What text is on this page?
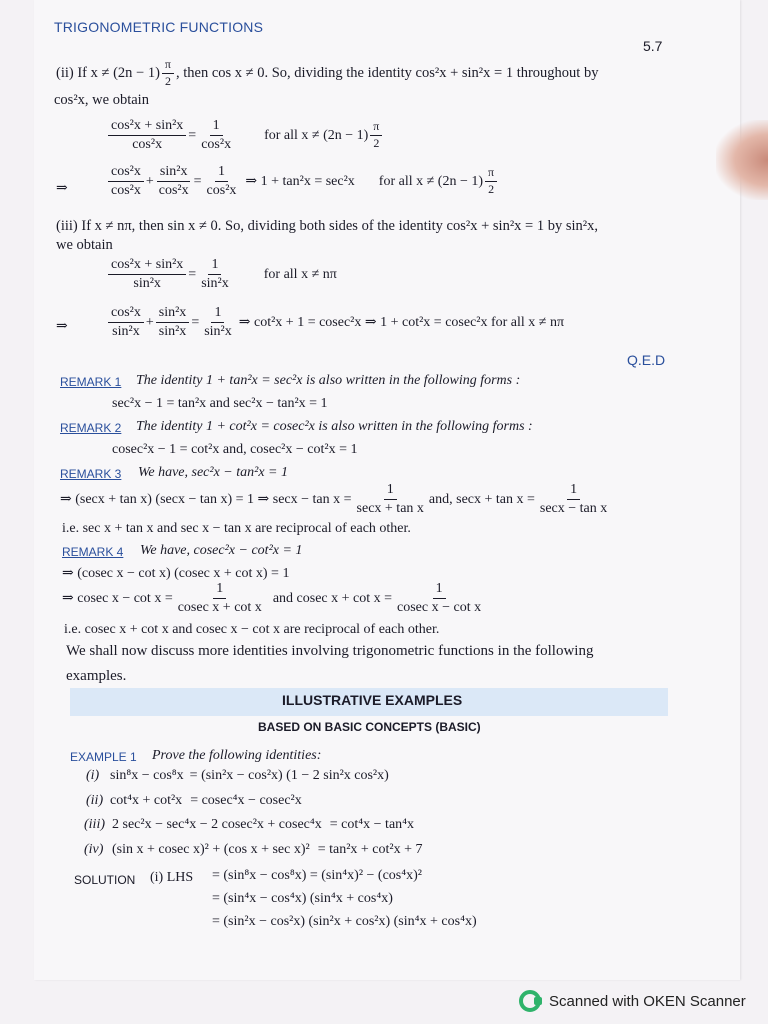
TRIGONOMETRIC FUNCTIONS
5.7
(ii) If $x \ne (2n - 1) \frac{\pi}{2}$ , then cos x ≠ 0. So, dividing the identity cos²x + sin²x = 1 throughout by
cos²x, we obtain
$\frac{\text{cos²x + sin²x}}{\text{cos²x}} = \frac{1}{\text{cos²x}}$ for all $x \ne (2n - 1) \frac{\pi}{2}$
⇒	$\frac{\text{cos²x}}{\text{cos²x}} + \frac{\text{sin²x}}{\text{cos²x}} = \frac{1}{\text{cos²x}}$ ⇒ 1 + tan²x = sec²x for all $x \ne (2n - 1) \frac{\pi}{2}$
(iii) If x ≠ nπ, then sin x ≠ 0. So, dividing both sides of the identity cos²x + sin²x = 1 by sin²x,
we obtain
$\frac{\text{cos²x + sin²x}}{\text{sin²x}} = \frac{1}{\text{sin²x}}$ for all x ≠ nπ
⇒	$\frac{\text{cos²x}}{\text{sin²x}} + \frac{\text{sin²x}}{\text{sin²x}} = \frac{1}{\text{sin²x}}$ ⇒ cot²x + 1 = cosec²x ⇒ 1 + cot²x = cosec²x for all x ≠ nπ
Q.E.D
REMARK 1 The identity 1 + tan²x = sec²x is also written in the following forms :
sec²x − 1 = tan²x and sec²x − tan²x = 1
REMARK 2 The identity 1 + cot²x = cosec²x is also written in the following forms :
cosec²x − 1 = cot²x and, cosec²x − cot²x = 1
REMARK 3 We have, sec²x − tan²x = 1
⇒ (secx + tan x) (secx − tan x) = 1 ⇒ $\sec x - \tan x = \frac{1}{\text{secx + tan x}}$ and, $\sec x + \tan x = \frac{1}{\text{secx − tan x}}$
i.e. sec x + tan x and sec x − tan x are reciprocal of each other.
REMARK 4 We have, cosec²x − cot²x = 1
⇒ (cosec x − cot x) (cosec x + cot x) = 1
⇒ cosec $x - \cot x = \frac{1}{\text{cosec x + cot x}}$ and cosec $x + \cot x = \frac{1}{\text{cosec x − cot x}}$
i.e. cosec x + cot x and cosec x − cot x are reciprocal of each other.
We shall now discuss more identities involving trigonometric functions in the following
examples.
ILLUSTRATIVE EXAMPLES
BASED ON BASIC CONCEPTS (BASIC)
EXAMPLE 1 Prove the following identities:
(i) sin⁸x − cos⁸x = (sin²x − cos²x) (1 − 2 sin²x cos²x)
(ii) cot⁴x + cot²x = cosec⁴x − cosec²x
(iii) 2 sec²x − sec⁴x − 2 cosec²x + cosec⁴x = cot⁴x − tan⁴x
(iv) (sin x + cosec x)² + (cos x + sec x)² = tan²x + cot²x + 7
SOLUTION (i) LHS = (sin⁸x − cos⁸x) = (sin⁴x)² − (cos⁴x)²
= (sin⁴x − cos⁴x) (sin⁴x + cos⁴x)
= (sin²x − cos²x) (sin²x + cos²x) (sin⁴x + cos⁴x)
Scanned with OKEN Scanner
